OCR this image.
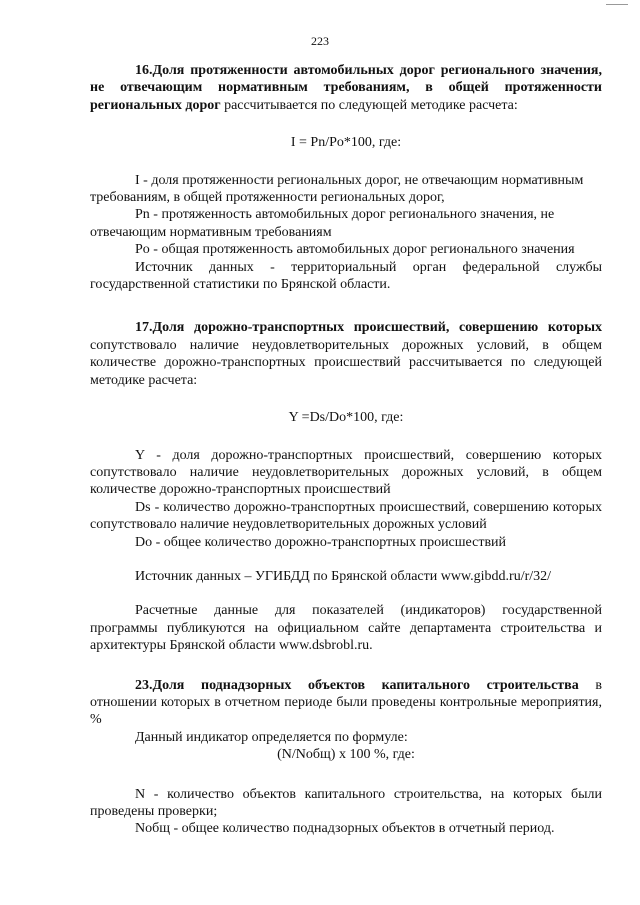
223

16.Доля протяженности автомобильных дорог регионального значения, не отвечающим нормативным требованиям, в общей протяженности региональных дорог рассчитывается по следующей методике расчета:

I = Pn/Po*100, где:

I - доля протяженности региональных дорог, не отвечающим нормативным требованиям, в общей протяженности региональных дорог,

Pn - протяженность автомобильных дорог регионального значения, не отвечающим нормативным требованиям

Po - общая протяженность автомобильных дорог регионального значения

Источник данных - территориальный орган федеральной службы государственной статистики по Брянской области.

17.Доля дорожно-транспортных происшествий, совершению которых сопутствовало наличие неудовлетворительных дорожных условий, в общем количестве дорожно-транспортных происшествий рассчитывается по следующей методике расчета:

Y =Ds/Do*100, где:

Y - доля дорожно-транспортных происшествий, совершению которых сопутствовало наличие неудовлетворительных дорожных условий, в общем количестве дорожно-транспортных происшествий

Ds - количество дорожно-транспортных происшествий, совершению которых сопутствовало наличие неудовлетворительных дорожных условий

Do - общее количество дорожно-транспортных происшествий

Источник данных – УГИБДД по Брянской области www.gibdd.ru/r/32/

Расчетные данные для показателей (индикаторов) государственной программы публикуются на официальном сайте департамента строительства и архитектуры Брянской области www.dsbrobl.ru.

23.Доля поднадзорных объектов капитального строительства в отношении которых в отчетном периоде были проведены контрольные мероприятия, %

Данный индикатор определяется по формуле:

(N/Nобщ) x 100 %, где:

N - количество объектов капитального строительства, на которых были проведены проверки;

Nобщ - общее количество поднадзорных объектов в отчетный период.
